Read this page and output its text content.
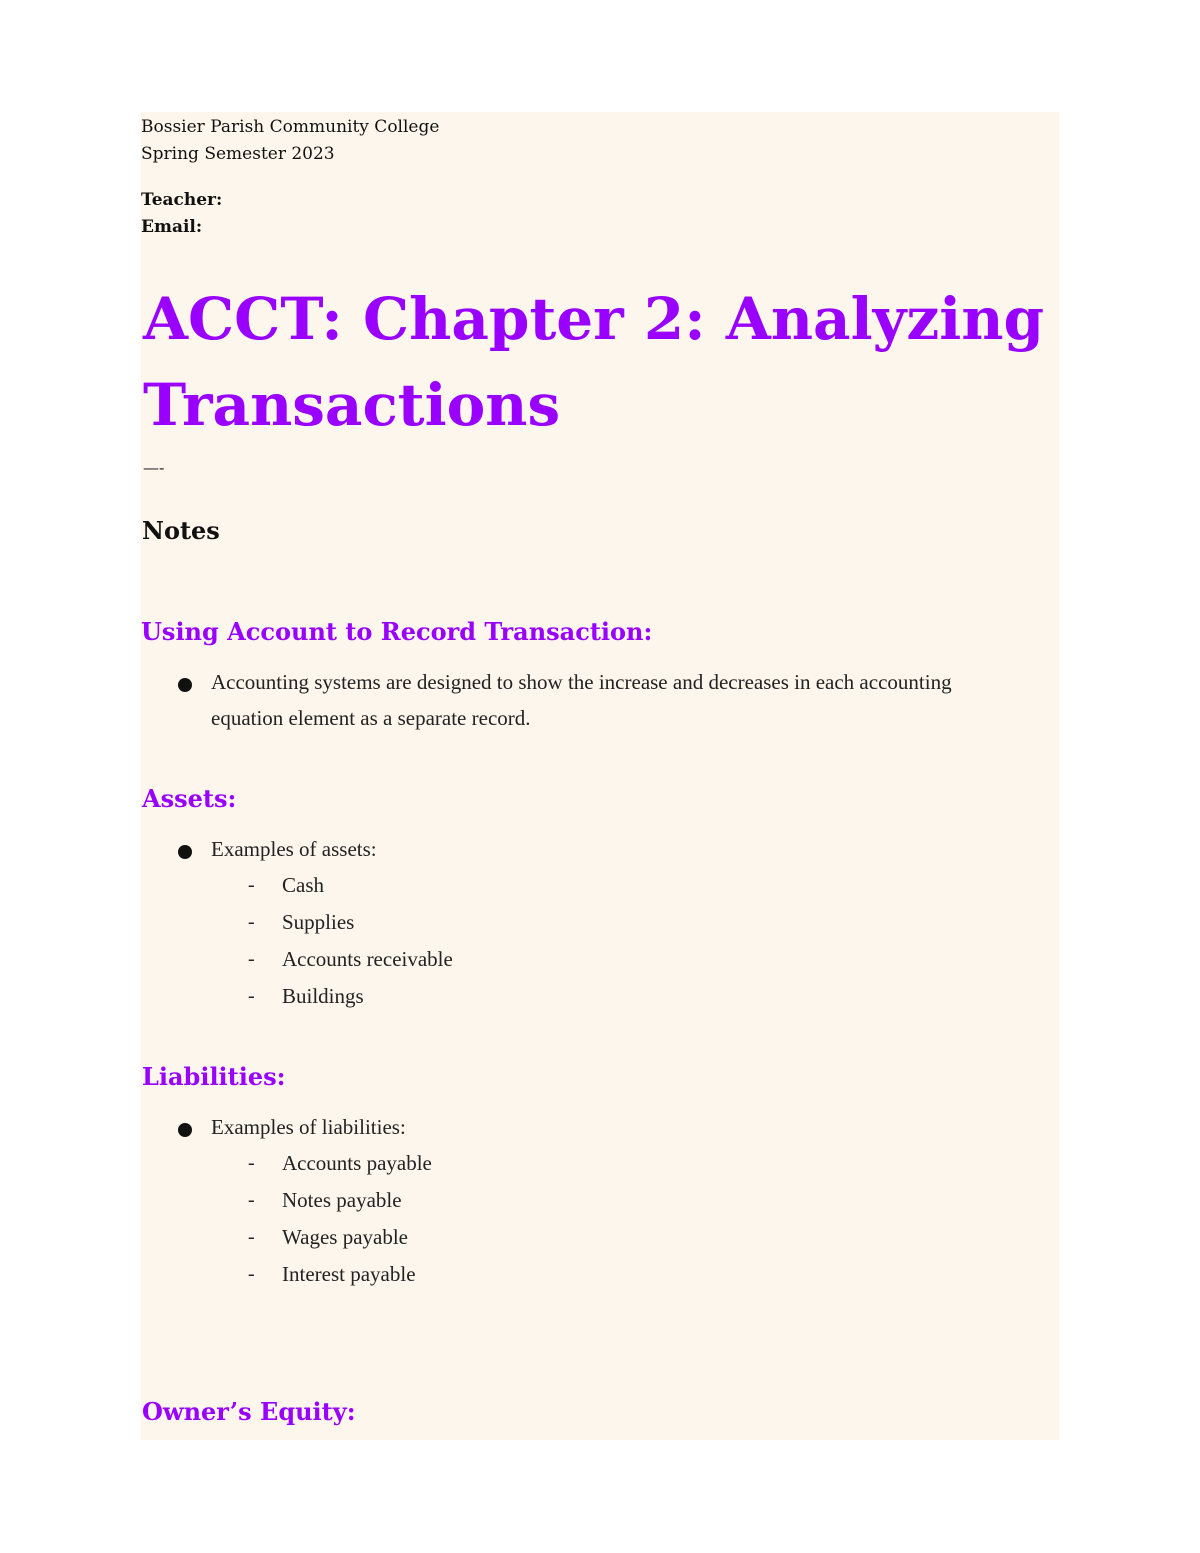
Bossier Parish Community College
Spring Semester 2023
Teacher:
Email:
ACCT: Chapter 2: Analyzing
Transactions
—-
Notes
Using Account to Record Transaction:
Accounting systems are designed to show the increase and decreases in each accounting
equation element as a separate record.
Assets:
Examples of assets:
- Cash
- Supplies
- Accounts receivable
- Buildings
Liabilities:
Examples of liabilities:
- Accounts payable
- Notes payable
- Wages payable
- Interest payable
Owner’s Equity:
